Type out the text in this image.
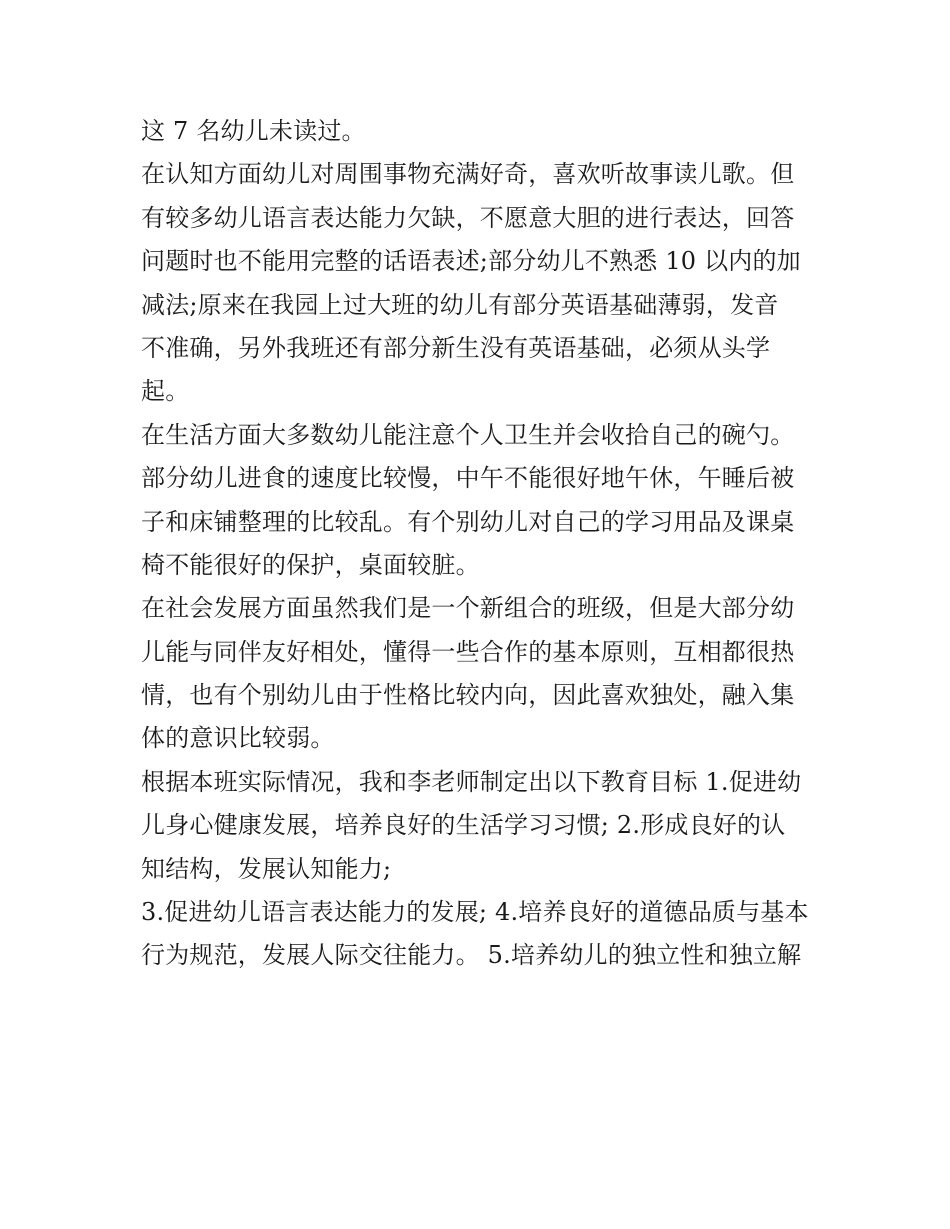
这 7 名幼儿未读过。
在认知方面幼儿对周围事物充满好奇，喜欢听故事读儿歌。但
有较多幼儿语言表达能力欠缺，不愿意大胆的进行表达，回答
问题时也不能用完整的话语表述;部分幼儿不熟悉 10 以内的加
减法;原来在我园上过大班的幼儿有部分英语基础薄弱，发音
不准确，另外我班还有部分新生没有英语基础，必须从头学
起。
在生活方面大多数幼儿能注意个人卫生并会收拾自己的碗勺。
部分幼儿进食的速度比较慢，中午不能很好地午休，午睡后被
子和床铺整理的比较乱。有个别幼儿对自己的学习用品及课桌
椅不能很好的保护，桌面较脏。
在社会发展方面虽然我们是一个新组合的班级，但是大部分幼
儿能与同伴友好相处，懂得一些合作的基本原则，互相都很热
情，也有个别幼儿由于性格比较内向，因此喜欢独处，融入集
体的意识比较弱。
根据本班实际情况，我和李老师制定出以下教育目标 1.促进幼
儿身心健康发展，培养良好的生活学习习惯; 2.形成良好的认
知结构，发展认知能力;
3.促进幼儿语言表达能力的发展; 4.培养良好的道德品质与基本
行为规范，发展人际交往能力。 5.培养幼儿的独立性和独立解
